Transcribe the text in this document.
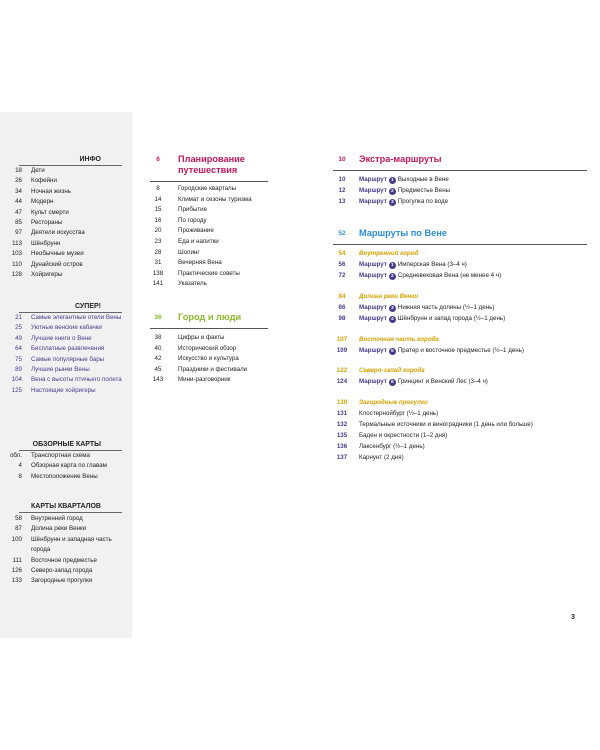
ИНФО
18	Дети
26	Кофейни
34	Ночная жизнь
44	Модерн
47	Культ смерти
85	Рестораны
97	Деятели искусства
113	Шёнбрунн
103	Необычные музеи
110	Дунайский остров
128	Хойригеры
СУПЕР!
21	Самые элегантные отели Вены
25	Уютные венские кабачки
49	Лучшие книги о Вене
64	Бесплатные развлечения
75	Самые популярные бары
89	Лучшие рынки Вены
104	Вена с высоты птичьего полета
125	Настоящие хойригеры
ОБЗОРНЫЕ КАРТЫ
обл.	Транспортная схема
4	Обзорная карта по главам
8	Местоположение Вены
КАРТЫ КВАРТАЛОВ
58	Внутренний город
87	Долина реки Венки
100	Шёнбрунн и западная часть города
111	Восточное предместье
126	Северо-запад города
133	Загородные прогулки
6	Планирование
путешествия
8	Городские кварталы
14	Климат и сезоны туризма
15	Прибытие
16	По городу
20	Проживание
23	Еда и напитки
28	Шопинг
31	Вечерняя Вена
138	Практические советы
141	Указатель
36	Город и люди
38	Цифры и факты
40	Исторический обзор
42	Искусство и культура
45	Праздники и фестивали
143	Мини-разговорник
10	Экстра-маршруты
10	Маршрут 1 Выходные в Вене
12	Маршрут 2 Предместье Вены
13	Маршрут 3 Прогулка по воде
52	Маршруты по Вене
54	Внутренний город
56	Маршрут 1 Имперская Вена (3–4 ч)
72	Маршрут 2 Средневековая Вена (не менее 4 ч)
84	Долина реки Венки
86	Маршрут 3 Нижняя часть долины (½–1 день)
98	Маршрут 4 Шёнбрунн и запад города (½–1 день)
107	Восточная часть города
109	Маршрут 5 Пратер и восточное предместье (½–1 день)
122	Северо-запад города
124	Маршрут 6 Гринцинг и Венский Лес (3–4 ч)
130	Загородные прогулки
131	Клостернойбург (½–1 день)
132	Термальные источники и виноградники (1 день или больше)
135	Баден и окрестности (1–2 дня)
136	Лаксенбург (½–1 день)
137	Карнунт (2 дня)
3
